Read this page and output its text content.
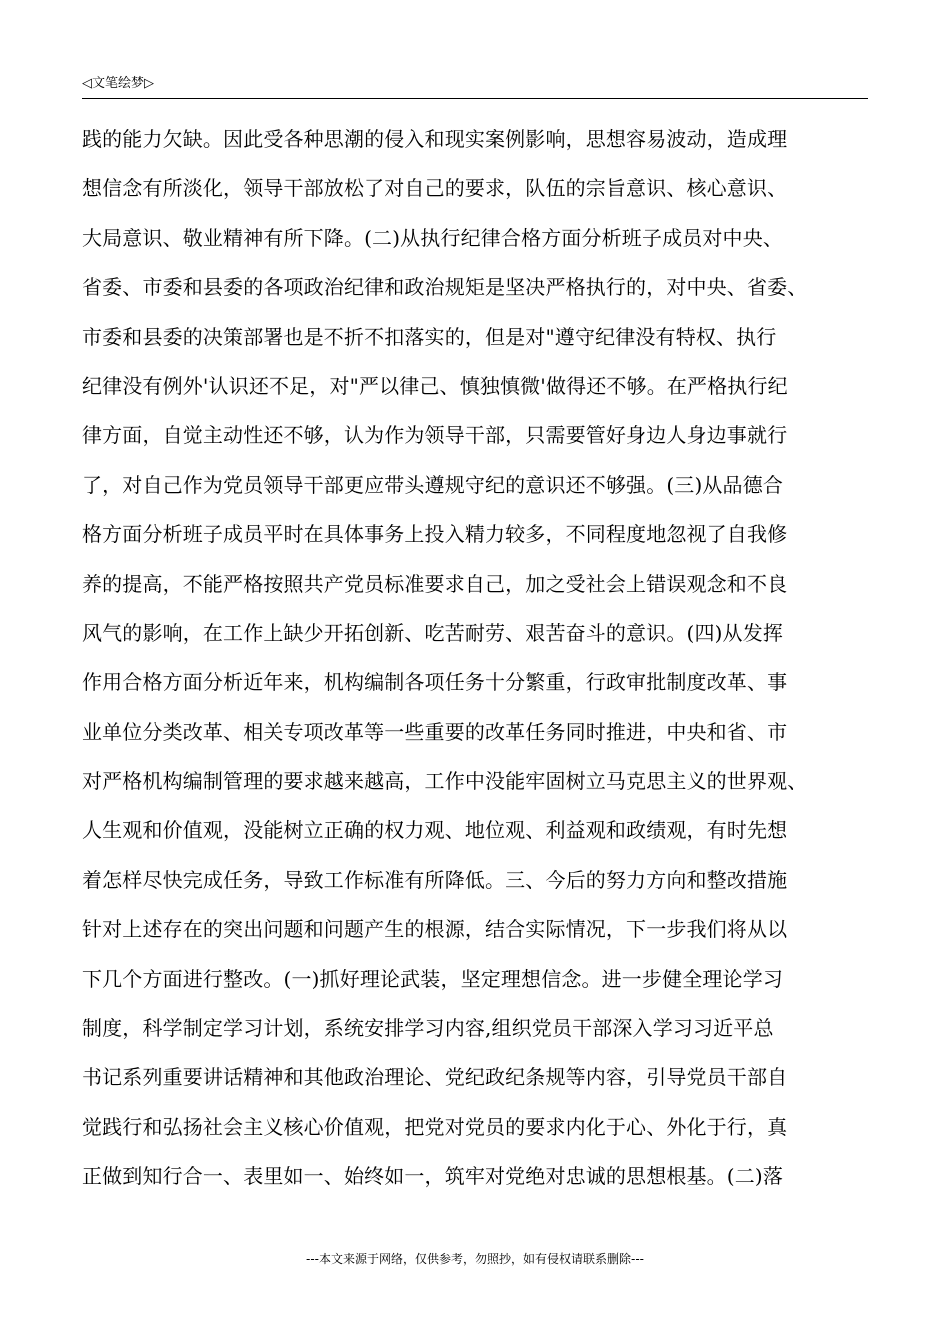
◁文笔绘梦▷
践的能力欠缺。因此受各种思潮的侵入和现实案例影响，思想容易波动，造成理
想信念有所淡化，领导干部放松了对自己的要求，队伍的宗旨意识、核心意识、
大局意识、敬业精神有所下降。(二)从执行纪律合格方面分析班子成员对中央、
省委、市委和县委的各项政治纪律和政治规矩是坚决严格执行的，对中央、省委、
市委和县委的决策部署也是不折不扣落实的，但是对"遵守纪律没有特权、执行
纪律没有例外'认识还不足，对"严以律己、慎独慎微'做得还不够。在严格执行纪
律方面，自觉主动性还不够，认为作为领导干部，只需要管好身边人身边事就行
了，对自己作为党员领导干部更应带头遵规守纪的意识还不够强。(三)从品德合
格方面分析班子成员平时在具体事务上投入精力较多，不同程度地忽视了自我修
养的提高，不能严格按照共产党员标准要求自己，加之受社会上错误观念和不良
风气的影响，在工作上缺少开拓创新、吃苦耐劳、艰苦奋斗的意识。(四)从发挥
作用合格方面分析近年来，机构编制各项任务十分繁重，行政审批制度改革、事
业单位分类改革、相关专项改革等一些重要的改革任务同时推进，中央和省、市
对严格机构编制管理的要求越来越高，工作中没能牢固树立马克思主义的世界观、
人生观和价值观，没能树立正确的权力观、地位观、利益观和政绩观，有时先想
着怎样尽快完成任务，导致工作标准有所降低。三、今后的努力方向和整改措施
针对上述存在的突出问题和问题产生的根源，结合实际情况，下一步我们将从以
下几个方面进行整改。(一)抓好理论武装，坚定理想信念。进一步健全理论学习
制度，科学制定学习计划，系统安排学习内容,组织党员干部深入学习习近平总
书记系列重要讲话精神和其他政治理论、党纪政纪条规等内容，引导党员干部自
觉践行和弘扬社会主义核心价值观，把党对党员的要求内化于心、外化于行，真
正做到知行合一、表里如一、始终如一，筑牢对党绝对忠诚的思想根基。(二)落
---本文来源于网络，仅供参考，勿照抄，如有侵权请联系删除---
